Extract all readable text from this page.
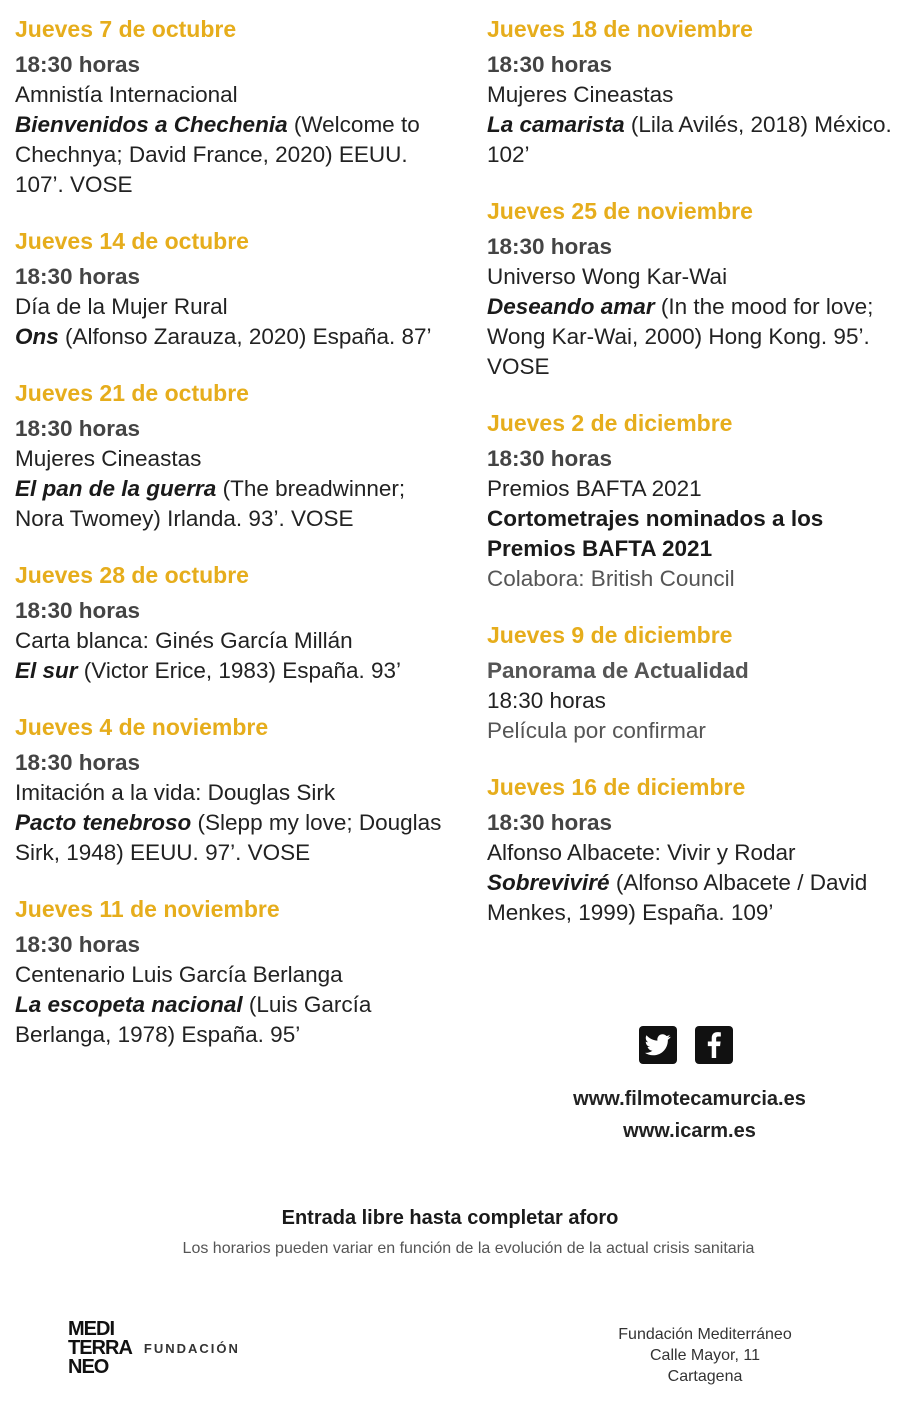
Jueves 7 de octubre
18:30 horas
Amnistía Internacional
Bienvenidos a Chechenia (Welcome to Chechnya; David France, 2020) EEUU. 107’. VOSE
Jueves 14 de octubre
18:30 horas
Día de la Mujer Rural
Ons (Alfonso Zarauza, 2020) España. 87’
Jueves 21 de octubre
18:30 horas
Mujeres Cineastas
El pan de la guerra (The breadwinner; Nora Twomey) Irlanda. 93’. VOSE
Jueves 28 de octubre
18:30 horas
Carta blanca: Ginés García Millán
El sur (Victor Erice, 1983) España. 93’
Jueves 4 de noviembre
18:30 horas
Imitación a la vida: Douglas Sirk
Pacto tenebroso (Slepp my love; Douglas Sirk, 1948) EEUU. 97’. VOSE
Jueves 11 de noviembre
18:30 horas
Centenario Luis García Berlanga
La escopeta nacional (Luis García Berlanga, 1978) España. 95’
Jueves 18 de noviembre
18:30 horas
Mujeres Cineastas
La camarista (Lila Avilés, 2018) México. 102’
Jueves 25 de noviembre
18:30 horas
Universo Wong Kar-Wai
Deseando amar (In the mood for love; Wong Kar-Wai, 2000) Hong Kong. 95’. VOSE
Jueves 2 de diciembre
18:30 horas
Premios BAFTA 2021
Cortometrajes nominados a los Premios BAFTA 2021
Colabora: British Council
Jueves 9 de diciembre
Panorama de Actualidad
18:30 horas
Película por confirmar
Jueves 16 de diciembre
18:30 horas
Alfonso Albacete: Vivir y Rodar
Sobreviviré (Alfonso Albacete / David Menkes, 1999) España. 109’
www.filmotecamurcia.es
www.icarm.es
Entrada libre hasta completar aforo
Los horarios pueden variar en función de la evolución de la actual crisis sanitaria
MEDI
TERRA
NEO
FUNDACIÓN
Fundación Mediterráneo
Calle Mayor, 11
Cartagena
